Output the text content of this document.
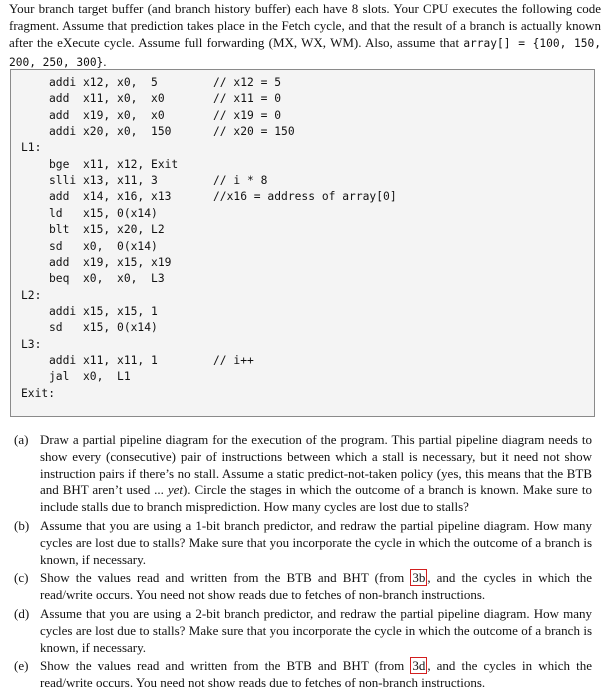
Your branch target buffer (and branch history buffer) each have 8 slots. Your CPU executes the following code fragment. Assume that prediction takes place in the Fetch cycle, and that the result of a branch is actually known after the eXecute cycle. Assume full forwarding (MX, WX, WM). Also, assume that array[] = {100, 150, 200, 250, 300}.
addi x12, x0,  5	// x12 = 5
add  x11, x0,  x0	// x11 = 0
add  x19, x0,  x0	// x19 = 0
addi x20, x0,  150	// x20 = 150
L1:
bge  x11, x12, Exit
slli x13, x11, 3	// i * 8
add  x14, x16, x13	//x16 = address of array[0]
ld   x15, 0(x14)
blt  x15, x20, L2
sd   x0,  0(x14)
add  x19, x15, x19
beq  x0,  x0,  L3
L2:
addi x15, x15, 1
sd   x15, 0(x14)
L3:
addi x11, x11, 1	// i++
jal  x0,  L1
Exit:
(a) Draw a partial pipeline diagram for the execution of the program. This partial pipeline diagram needs to show every (consecutive) pair of instructions between which a stall is necessary, but it need not show instruction pairs if there’s no stall. Assume a static predict-not-taken policy (yes, this means that the BTB and BHT aren’t used ... yet). Circle the stages in which the outcome of a branch is known. Make sure to include stalls due to branch misprediction. How many cycles are lost due to stalls?
(b) Assume that you are using a 1-bit branch predictor, and redraw the partial pipeline diagram. How many cycles are lost due to stalls? Make sure that you incorporate the cycle in which the outcome of a branch is known, if necessary.
(c) Show the values read and written from the BTB and BHT (from 3b , and the cycles in which the read/write occurs. You need not show reads due to fetches of non-branch instructions.
(d) Assume that you are using a 2-bit branch predictor, and redraw the partial pipeline diagram. How many cycles are lost due to stalls? Make sure that you incorporate the cycle in which the outcome of a branch is known, if necessary.
(e) Show the values read and written from the BTB and BHT (from 3d , and the cycles in which the read/write occurs. You need not show reads due to fetches of non-branch instructions.
